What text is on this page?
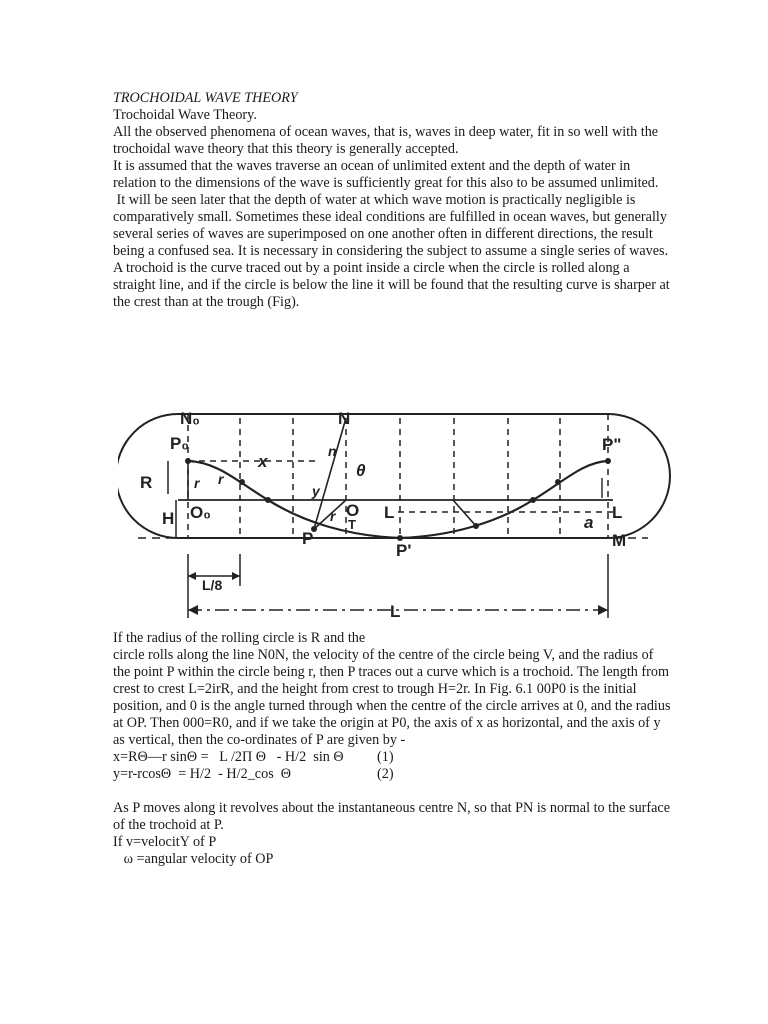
TROCHOIDAL WAVE THEORY

Trochoidal Wave Theory.

All the observed phenomena of ocean waves, that is, waves in deep water, fit in so well with the trochoidal wave theory that this theory is generally accepted.

It is assumed that the waves traverse an ocean of unlimited extent and the depth of water in relation to the dimensions of the wave is sufficiently great for this also to be assumed unlimited.

It will be seen later that the depth of water at which wave motion is practically negligible is comparatively small. Sometimes these ideal conditions are fulfilled in ocean waves, but generally several series of waves are superimposed on one another often in different directions, the result being a confused sea. It is necessary in considering the subject to assume a single series of waves.

A trochoid is the curve traced out by a point inside a circle when the circle is rolled along a straight line, and if the circle is below the line it will be found that the resulting curve is sharper at the crest than at the trough (Fig).

N₀	N
P₀	P"
x
n
θ
R	r r
y
r
O₀	O
T
L	L
H
P
P'
a
M
L/8
L

If the radius of the rolling circle is R and the

circle rolls along the line N0N, the velocity of the centre of the circle being V, and the radius of the point P within the circle being r, then P traces out a curve which is a trochoid. The length from crest to crest L=2irR, and the height from crest to trough H=2r. In Fig. 6.1 00P0 is the initial position, and 0 is the angle turned through when the centre of the circle arrives at 0, and the radius at OP. Then 000=R0, and if we take the origin at P0, the axis of x as horizontal, and the axis of y as vertical, then the co-ordinates of P are given by -

x=RΘ—r sinΘ =   L /2Π Θ   - H/2  sin Θ	(1)
y=r-rcosΘ  = H/2  - H/2_cos  Θ	(2)

As P moves along it revolves about the instantaneous centre N, so that PN is normal to the surface of the trochoid at P.

If v=velocitY of P

ω =angular velocity of OP
